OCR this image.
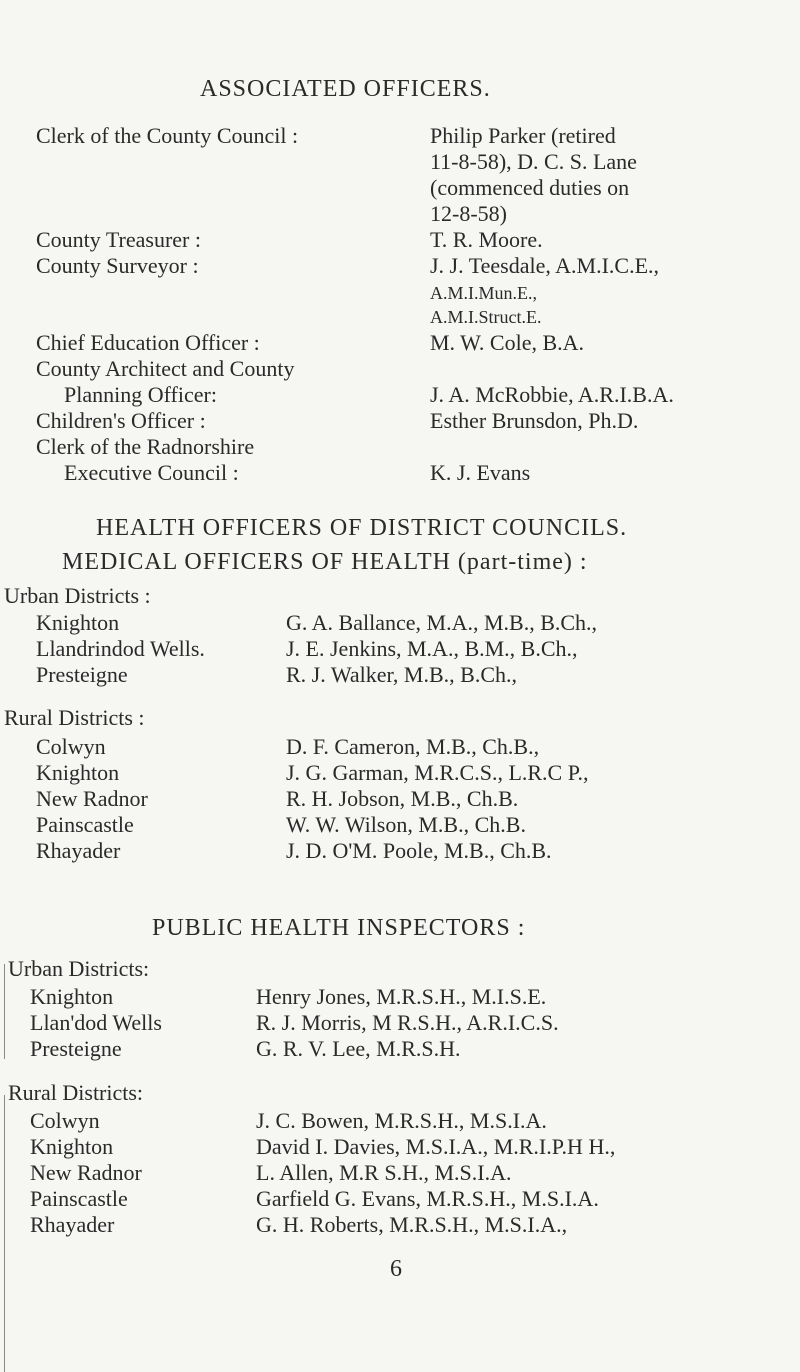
ASSOCIATED OFFICERS.
Clerk of the County Council :	Philip Parker (retired
11-8-58), D. C. S. Lane
(commenced duties on
12-8-58)
County Treasurer :	T. R. Moore.
County Surveyor :	J. J. Teesdale, A.M.I.C.E.,
A.M.I.Mun.E.,
A.M.I.Struct.E.
Chief Education Officer :	M. W. Cole, B.A.
County Architect and County
Planning Officer:	J. A. McRobbie, A.R.I.B.A.
Children's Officer :	Esther Brunsdon, Ph.D.
Clerk of the Radnorshire
Executive Council :	K. J. Evans
HEALTH OFFICERS OF DISTRICT COUNCILS.
MEDICAL OFFICERS OF HEALTH (part-time) :
Urban Districts :
Knighton	G. A. Ballance, M.A., M.B., B.Ch.,
Llandrindod Wells.	J. E. Jenkins, M.A., B.M., B.Ch.,
Presteigne	R. J. Walker, M.B., B.Ch.,
Rural Districts :
Colwyn	D. F. Cameron, M.B., Ch.B.,
Knighton	J. G. Garman, M.R.C.S., L.R.C P.,
New Radnor	R. H. Jobson, M.B., Ch.B.
Painscastle	W. W. Wilson, M.B., Ch.B.
Rhayader	J. D. O'M. Poole, M.B., Ch.B.
PUBLIC HEALTH INSPECTORS :
Urban Districts:
Knighton	Henry Jones, M.R.S.H., M.I.S.E.
Llan'dod Wells	R. J. Morris, M R.S.H., A.R.I.C.S.
Presteigne	G. R. V. Lee, M.R.S.H.
Rural Districts:
Colwyn	J. C. Bowen, M.R.S.H., M.S.I.A.
Knighton	David I. Davies, M.S.I.A., M.R.I.P.H H.,
New Radnor	L. Allen, M.R S.H., M.S.I.A.
Painscastle	Garfield G. Evans, M.R.S.H., M.S.I.A.
Rhayader	G. H. Roberts, M.R.S.H., M.S.I.A.,
6
